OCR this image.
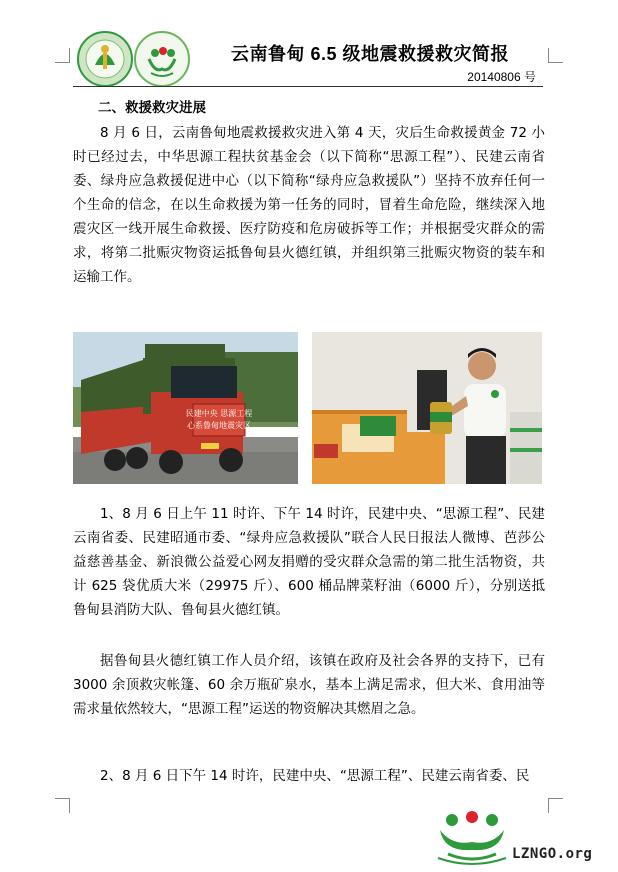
云南鲁甸 6.5 级地震救援救灾简报
20140806 号
二、救援救灾进展

8 月 6 日，云南鲁甸地震救援救灾进入第 4 天，灾后生命救援黄金 72 小时已经过去，中华思源工程扶贫基金会（以下简称“思源工程”）、民建云南省委、绿舟应急救援促进中心（以下简称“绿舟应急救援队”）坚持不放弃任何一个生命的信念，在以生命救援为第一任务的同时，冒着生命危险，继续深入地震灾区一线开展生命救援、医疗防疫和危房破拆等工作；并根据受灾群众的需求，将第二批赈灾物资运抵鲁甸县火德红镇，并组织第三批赈灾物资的装车和运输工作。

民建中央 思源工程
心系鲁甸地震灾区

1、8 月 6 日上午 11 时许、下午 14 时许，民建中央、“思源工程”、民建云南省委、民建昭通市委、“绿舟应急救援队”联合人民日报法人微博、芭莎公益慈善基金、新浪微公益爱心网友捐赠的受灾群众急需的第二批生活物资，共计 625 袋优质大米（29975 斤）、600 桶品牌菜籽油（6000 斤），分别送抵鲁甸县消防大队、鲁甸县火德红镇。

据鲁甸县火德红镇工作人员介绍，该镇在政府及社会各界的支持下，已有 3000 余顶救灾帐篷、60 余万瓶矿泉水，基本上满足需求，但大米、食用油等需求量依然较大，“思源工程”运送的物资解决其燃眉之急。

2、8 月 6 日下午 14 时许，民建中央、“思源工程”、民建云南省委、民

LZNGO.org
